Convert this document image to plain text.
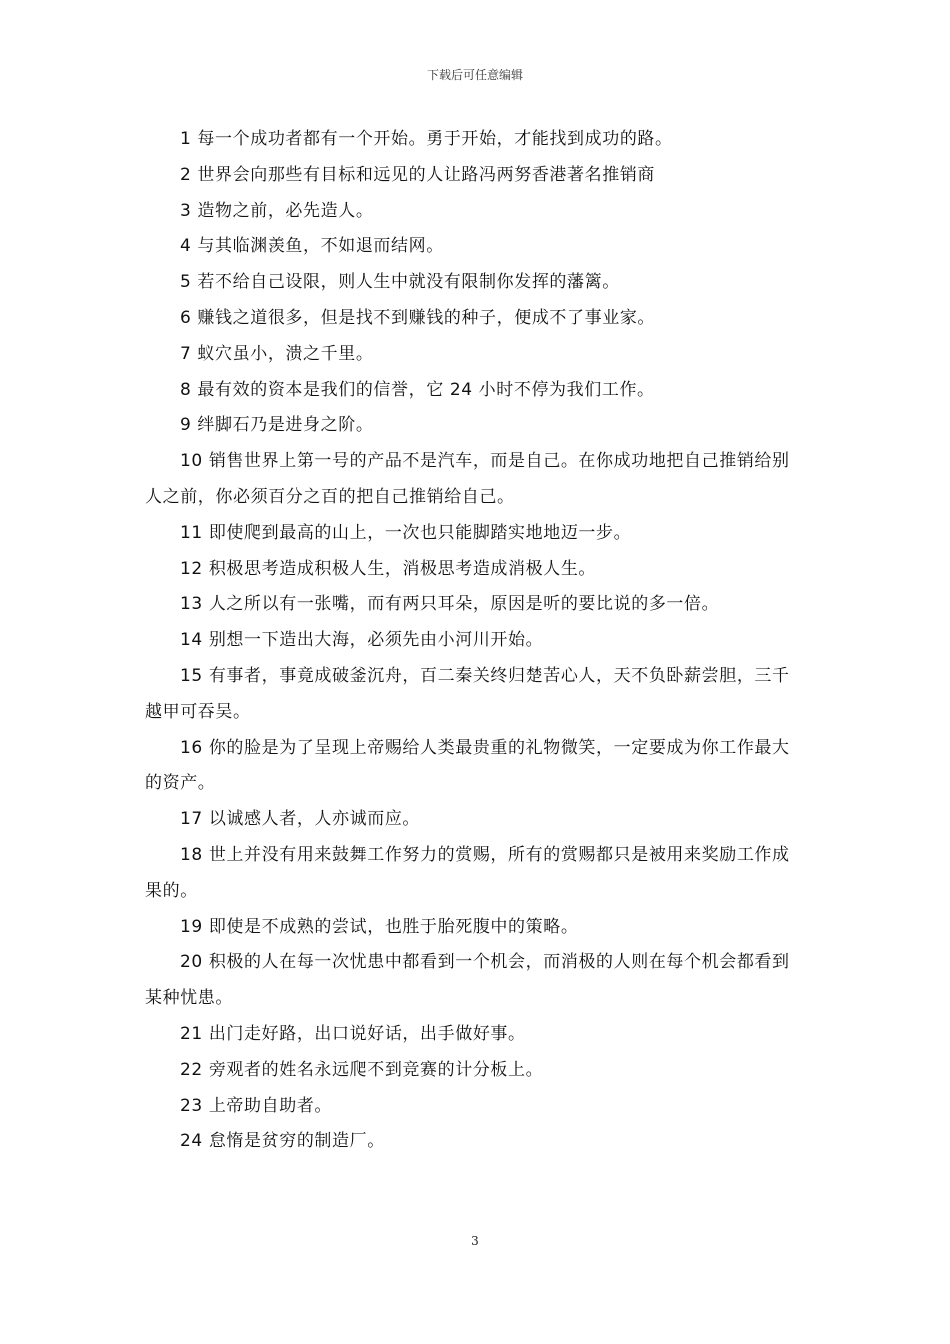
下载后可任意编辑

1 每一个成功者都有一个开始。勇于开始，才能找到成功的路。

2 世界会向那些有目标和远见的人让路冯两努香港著名推销商

3 造物之前，必先造人。

4 与其临渊羡鱼，不如退而结网。

5 若不给自己设限，则人生中就没有限制你发挥的藩篱。

6 赚钱之道很多，但是找不到赚钱的种子，便成不了事业家。

7 蚁穴虽小，溃之千里。

8 最有效的资本是我们的信誉，它 24 小时不停为我们工作。

9 绊脚石乃是进身之阶。

10 销售世界上第一号的产品不是汽车，而是自己。在你成功地把自己推销给别人之前，你必须百分之百的把自己推销给自己。

11 即使爬到最高的山上，一次也只能脚踏实地地迈一步。

12 积极思考造成积极人生，消极思考造成消极人生。

13 人之所以有一张嘴，而有两只耳朵，原因是听的要比说的多一倍。

14 别想一下造出大海，必须先由小河川开始。

15 有事者，事竟成破釜沉舟，百二秦关终归楚苦心人，天不负卧薪尝胆，三千越甲可吞吴。

16 你的脸是为了呈现上帝赐给人类最贵重的礼物微笑，一定要成为你工作最大的资产。

17 以诚感人者，人亦诚而应。

18 世上并没有用来鼓舞工作努力的赏赐，所有的赏赐都只是被用来奖励工作成果的。

19 即使是不成熟的尝试，也胜于胎死腹中的策略。

20 积极的人在每一次忧患中都看到一个机会，而消极的人则在每个机会都看到某种忧患。

21 出门走好路，出口说好话，出手做好事。

22 旁观者的姓名永远爬不到竞赛的计分板上。

23 上帝助自助者。

24 怠惰是贫穷的制造厂。

3
